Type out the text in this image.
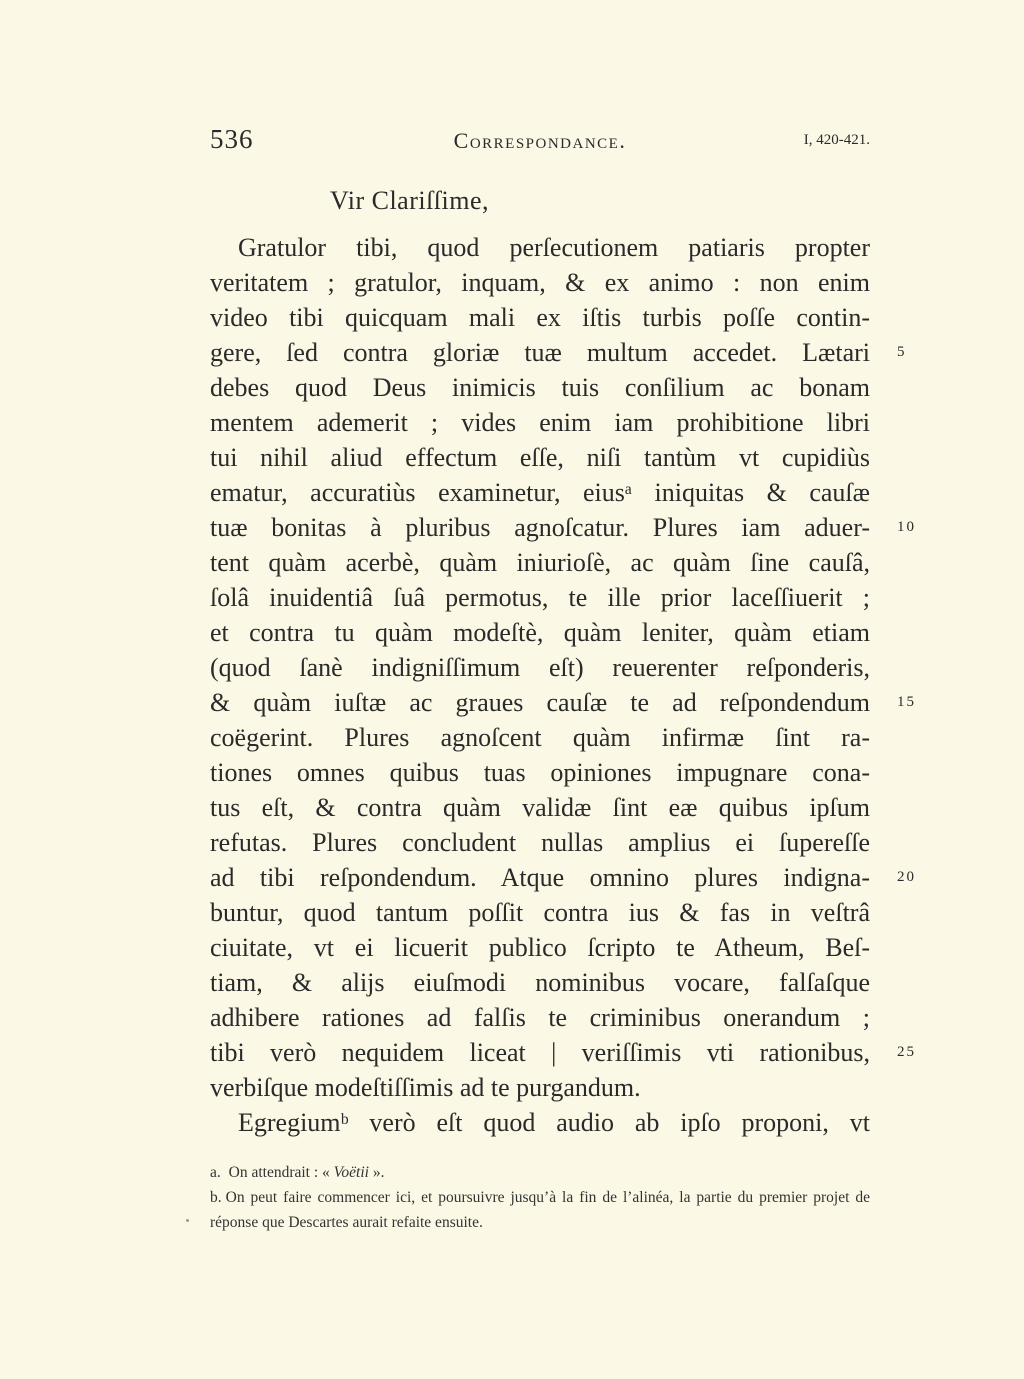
536	Correspondance.	I, 420-421.
Vir Clariſſime,
Gratulor tibi, quod perſecutionem patiaris propter
veritatem ; gratulor, inquam, & ex animo : non enim
video tibi quicquam mali ex iſtis turbis poſſe contin-
gere, ſed contra gloriæ tuæ multum accedet. Lætari 5
debes quod Deus inimicis tuis conſilium ac bonam
mentem ademerit ; vides enim iam prohibitione libri
tui nihil aliud effectum eſſe, niſi tantùm vt cupidiùs
ematur, accuratiùs examinetur, eiusᵃ iniquitas & cauſæ
tuæ bonitas à pluribus agnoſcatur. Plures iam aduer- 10
tent quàm acerbè, quàm iniurioſè, ac quàm ſine cauſâ,
ſolâ inuidentiâ ſuâ permotus, te ille prior laceſſiuerit ;
et contra tu quàm modeſtè, quàm leniter, quàm etiam
(quod ſanè indigniſſimum eſt) reuerenter reſponderis,
& quàm iuſtæ ac graues cauſæ te ad reſpondendum 15
coëgerint. Plures agnoſcent quàm infirmæ ſint ra-
tiones omnes quibus tuas opiniones impugnare cona-
tus eſt, & contra quàm validæ ſint eæ quibus ipſum
refutas. Plures concludent nullas amplius ei ſupereſſe
ad tibi reſpondendum. Atque omnino plures indigna- 20
buntur, quod tantum poſſit contra ius & fas in veſtrâ
ciuitate, vt ei licuerit publico ſcripto te Atheum, Beſ-
tiam, & alijs eiuſmodi nominibus vocare, falſaſque
adhibere rationes ad falſis te criminibus onerandum ;
tibi verò nequidem liceat | veriſſimis vti rationibus, 25
verbiſque modeſtiſſimis ad te purgandum.
Egregiumᵇ verò eſt quod audio ab ipſo proponi, vt
a. On attendrait : « Voëtii ».
b. On peut faire commencer ici, et poursuivre jusqu’à la fin de l’alinéa, la partie du premier projet de réponse que Descartes aurait refaite ensuite.
